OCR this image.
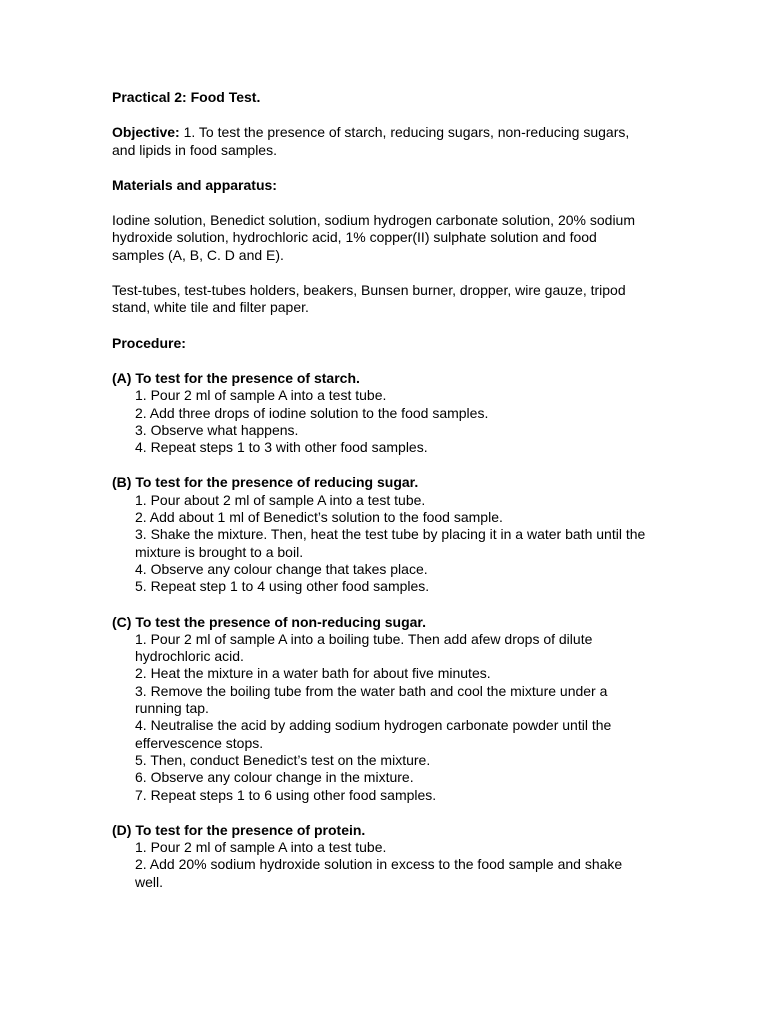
Practical 2: Food Test.
Objective: 1. To test the presence of starch, reducing sugars, non-reducing sugars, and lipids in food samples.
Materials and apparatus:
Iodine solution, Benedict solution, sodium hydrogen carbonate solution, 20% sodium hydroxide solution, hydrochloric acid, 1% copper(II) sulphate solution and food samples (A, B, C. D and E).
Test-tubes, test-tubes holders, beakers, Bunsen burner, dropper, wire gauze, tripod stand, white tile and filter paper.
Procedure:
(A) To test for the presence of starch.
1. Pour 2 ml of sample A into a test tube.
2. Add three drops of iodine solution to the food samples.
3. Observe what happens.
4. Repeat steps 1 to 3 with other food samples.
(B) To test for the presence of reducing sugar.
1. Pour about 2 ml of sample A into a test tube.
2. Add about 1 ml of Benedict’s solution to the food sample.
3. Shake the mixture. Then, heat the test tube by placing it in a water bath until the mixture is brought to a boil.
4. Observe any colour change that takes place.
5. Repeat step 1 to 4 using other food samples.
(C) To test the presence of non-reducing sugar.
1. Pour 2 ml of sample A into a boiling tube. Then add afew drops of dilute hydrochloric acid.
2. Heat the mixture in a water bath for about five minutes.
3. Remove the boiling tube from the water bath and cool the mixture under a running tap.
4. Neutralise the acid by adding sodium hydrogen carbonate powder until the effervescence stops.
5. Then, conduct Benedict’s test on the mixture.
6. Observe any colour change in the mixture.
7. Repeat steps 1 to 6 using other food samples.
(D) To test for the presence of protein.
1. Pour 2 ml of sample A into a test tube.
2. Add 20% sodium hydroxide solution in excess to the food sample and shake well.
